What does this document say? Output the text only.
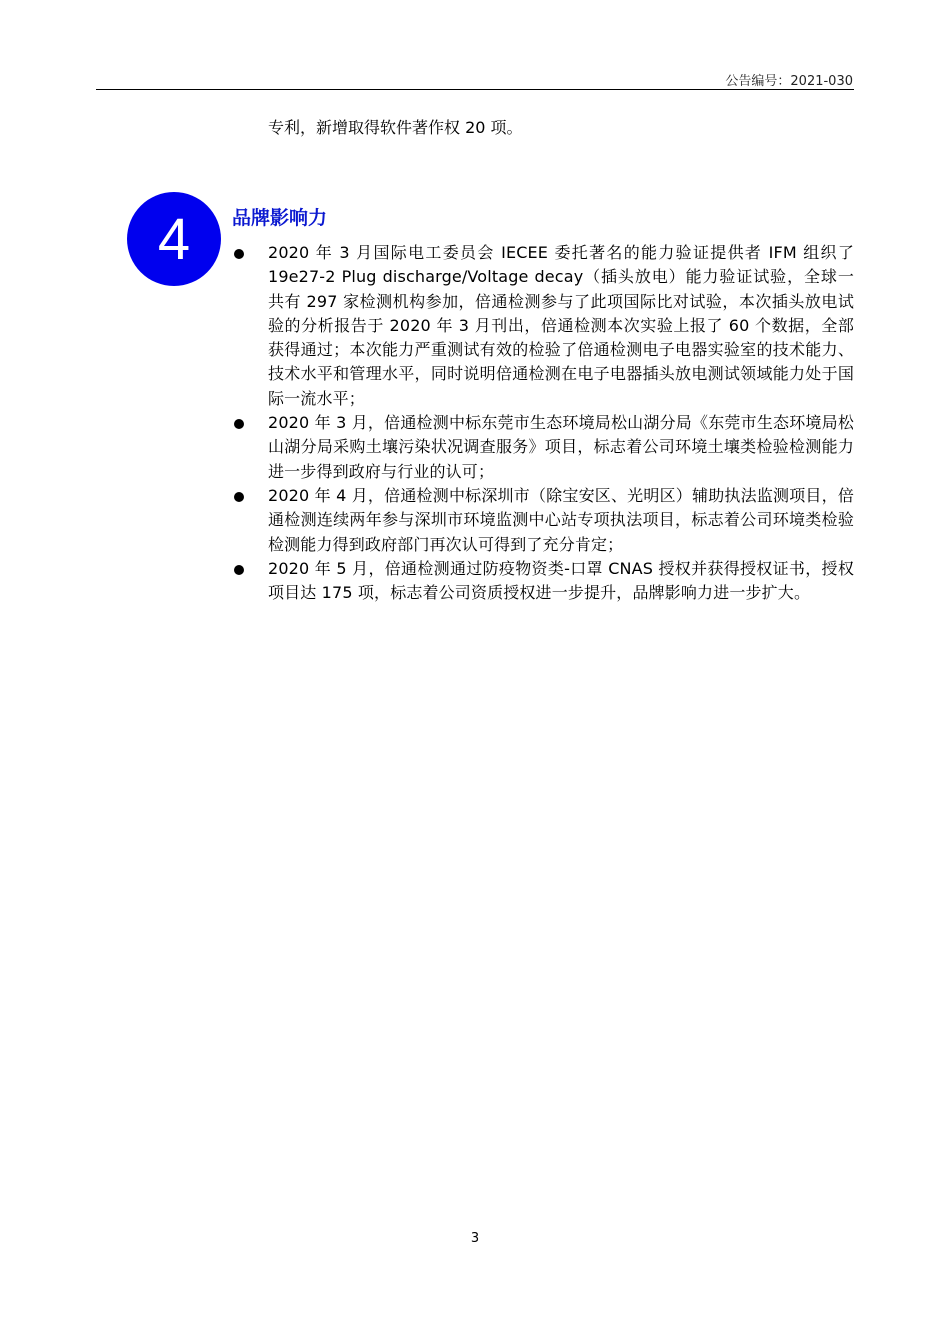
公告编号：2021-030
专利，新增取得软件著作权 20 项。
4	品牌影响力
2020 年 3 月国际电工委员会 IECEE 委托著名的能力验证提供者 IFM 组织了 19e27-2 Plug discharge/Voltage decay（插头放电）能力验证试验，全球一共有 297 家检测机构参加，倍通检测参与了此项国际比对试验，本次插头放电试验的分析报告于 2020 年 3 月刊出，倍通检测本次实验上报了 60 个数据，全部获得通过；本次能力严重测试有效的检验了倍通检测电子电器实验室的技术能力、技术水平和管理水平，同时说明倍通检测在电子电器插头放电测试领域能力处于国际一流水平；
2020 年 3 月，倍通检测中标东莞市生态环境局松山湖分局《东莞市生态环境局松山湖分局采购土壤污染状况调查服务》项目，标志着公司环境土壤类检验检测能力进一步得到政府与行业的认可；
2020 年 4 月，倍通检测中标深圳市（除宝安区、光明区）辅助执法监测项目，倍通检测连续两年参与深圳市环境监测中心站专项执法项目，标志着公司环境类检验检测能力得到政府部门再次认可得到了充分肯定；
2020 年 5 月，倍通检测通过防疫物资类-口罩 CNAS 授权并获得授权证书，授权项目达 175 项，标志着公司资质授权进一步提升，品牌影响力进一步扩大。
3
